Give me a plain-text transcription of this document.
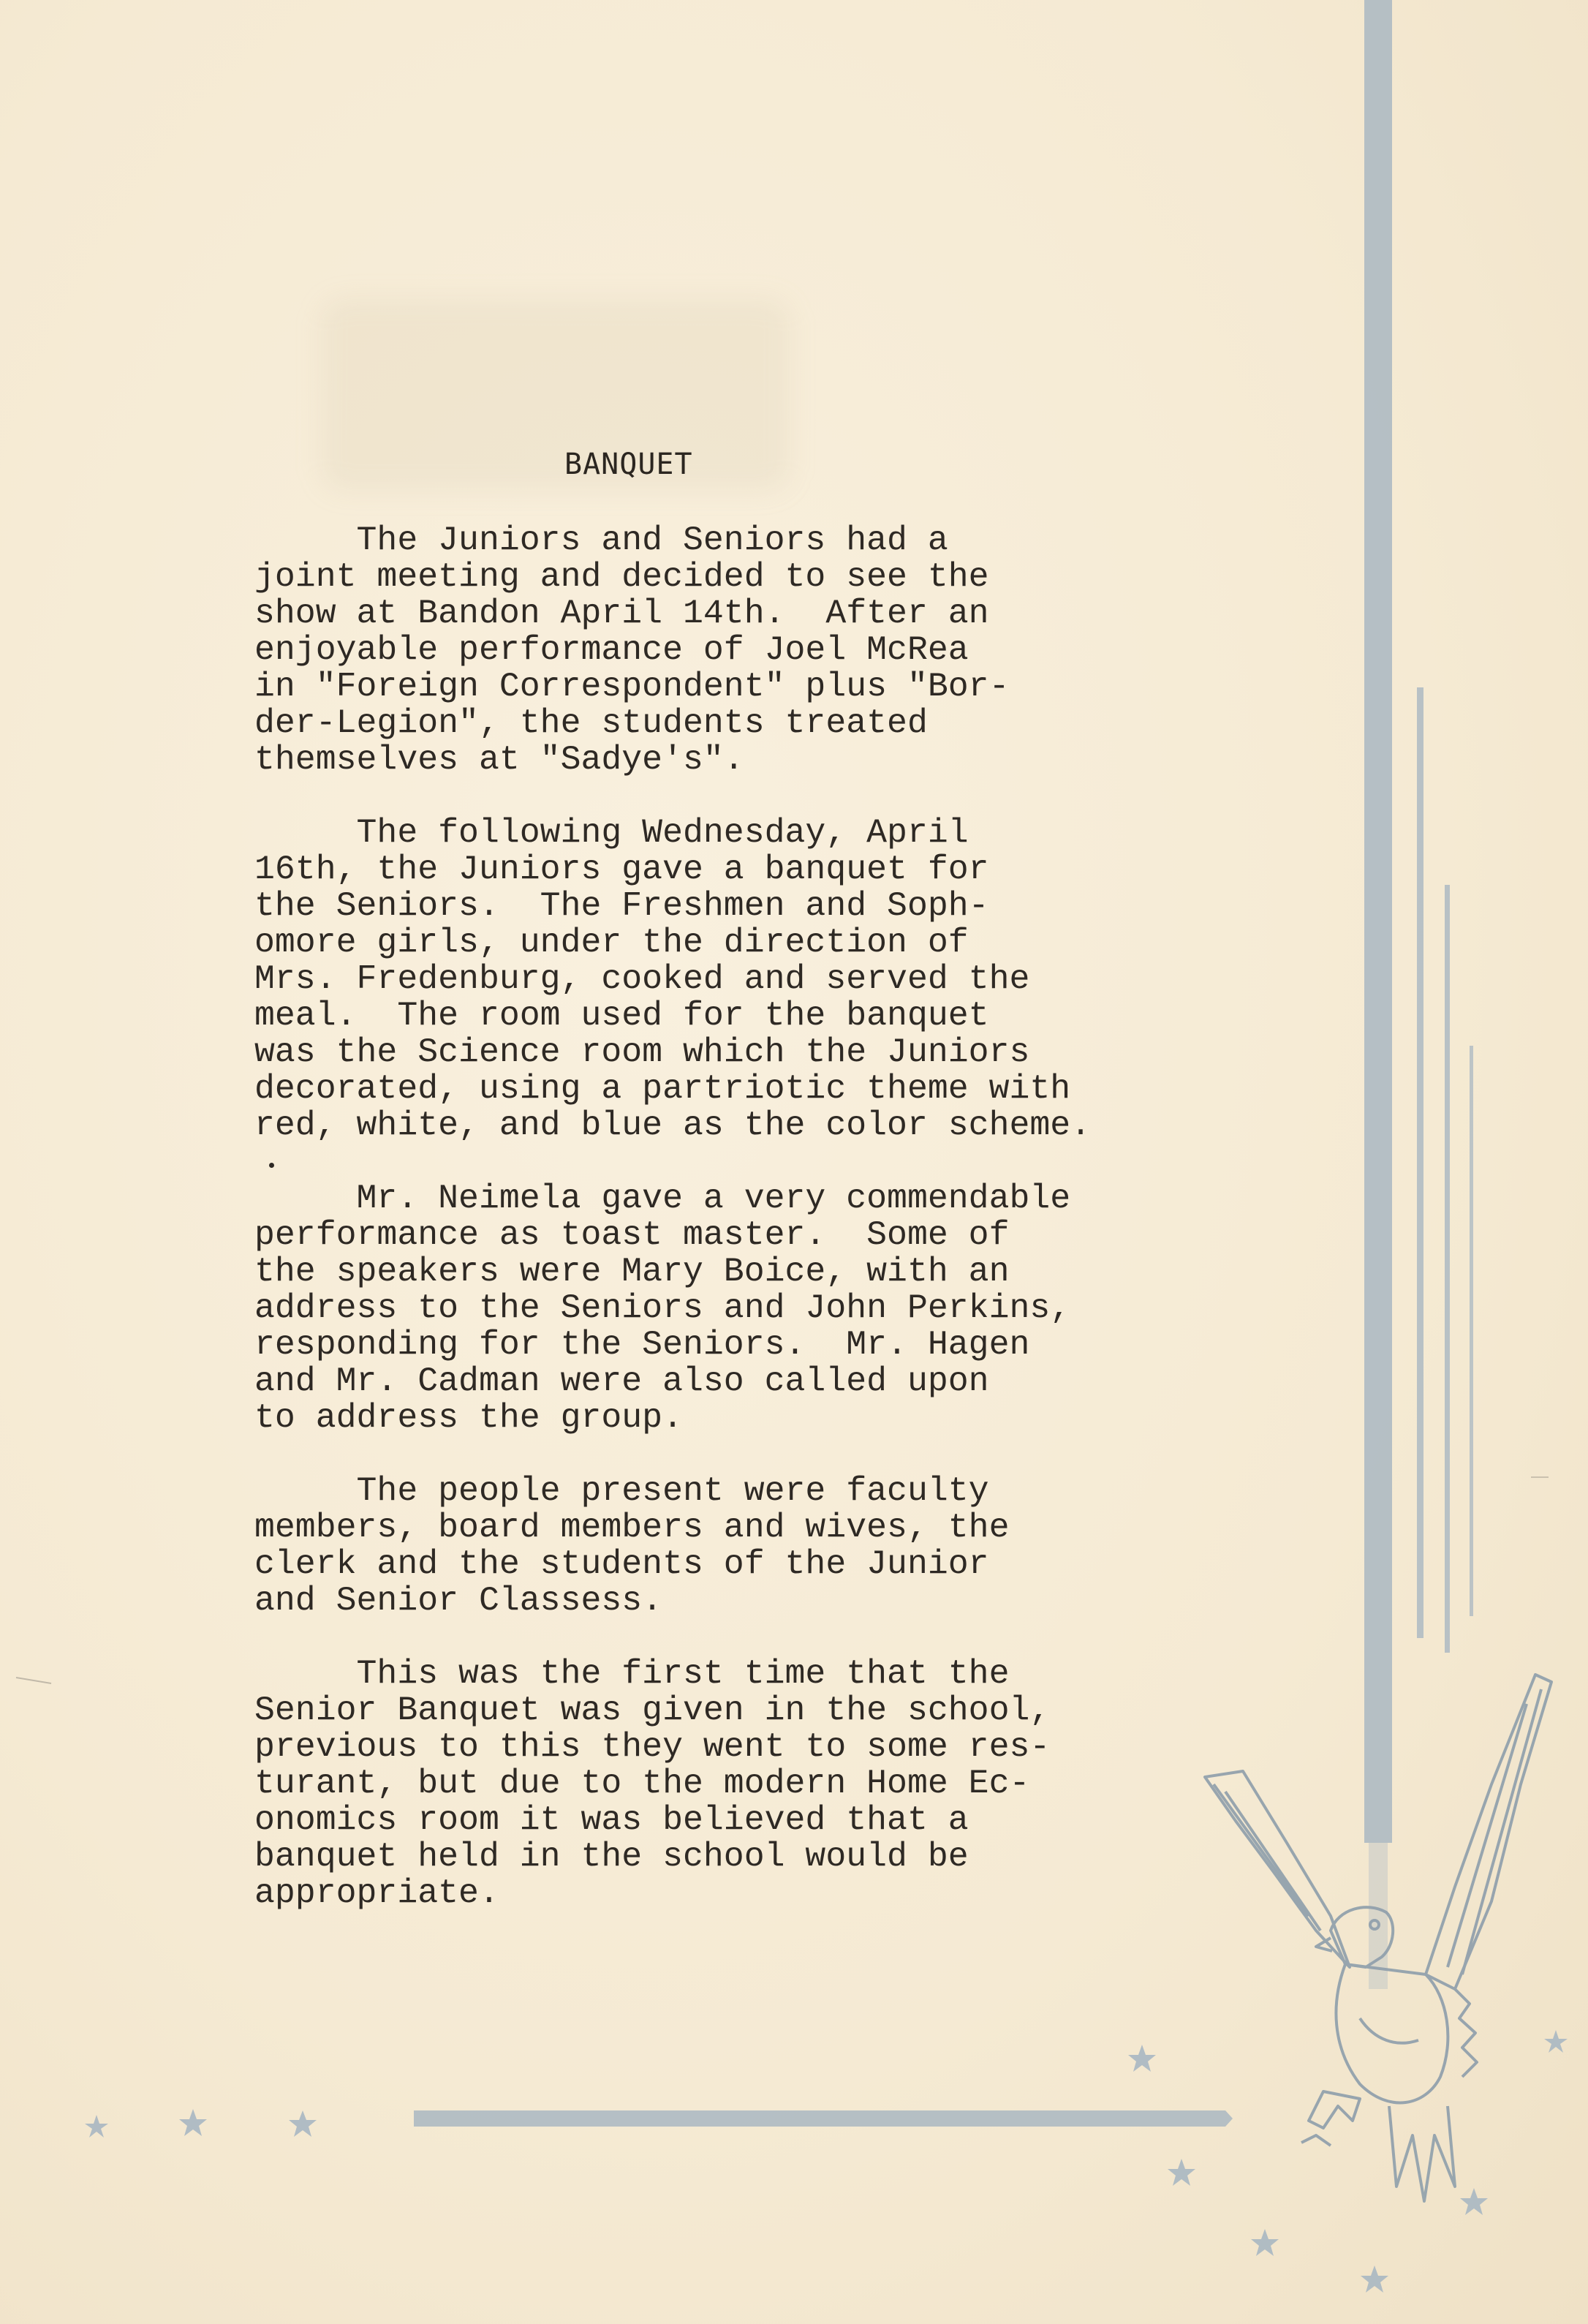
BANQUET

The Juniors and Seniors had a
joint meeting and decided to see the
show at Bandon April 14th.  After an
enjoyable performance of Joel McRea
in "Foreign Correspondent" plus "Bor-
der-Legion", the students treated
themselves at "Sadye's".

The following Wednesday, April
16th, the Juniors gave a banquet for
the Seniors.  The Freshmen and Soph-
omore girls, under the direction of
Mrs. Fredenburg, cooked and served the
meal.  The room used for the banquet
was the Science room which the Juniors
decorated, using a partriotic theme with
red, white, and blue as the color scheme.

Mr. Neimela gave a very commendable
performance as toast master.  Some of
the speakers were Mary Boice, with an
address to the Seniors and John Perkins,
responding for the Seniors.  Mr. Hagen
and Mr. Cadman were also called upon
to address the group.

The people present were faculty
members, board members and wives, the
clerk and the students of the Junior
and Senior Classess.

This was the first time that the
Senior Banquet was given in the school,
previous to this they went to some res-
turant, but due to the modern Home Ec-
onomics room it was believed that a
banquet held in the school would be
appropriate.
